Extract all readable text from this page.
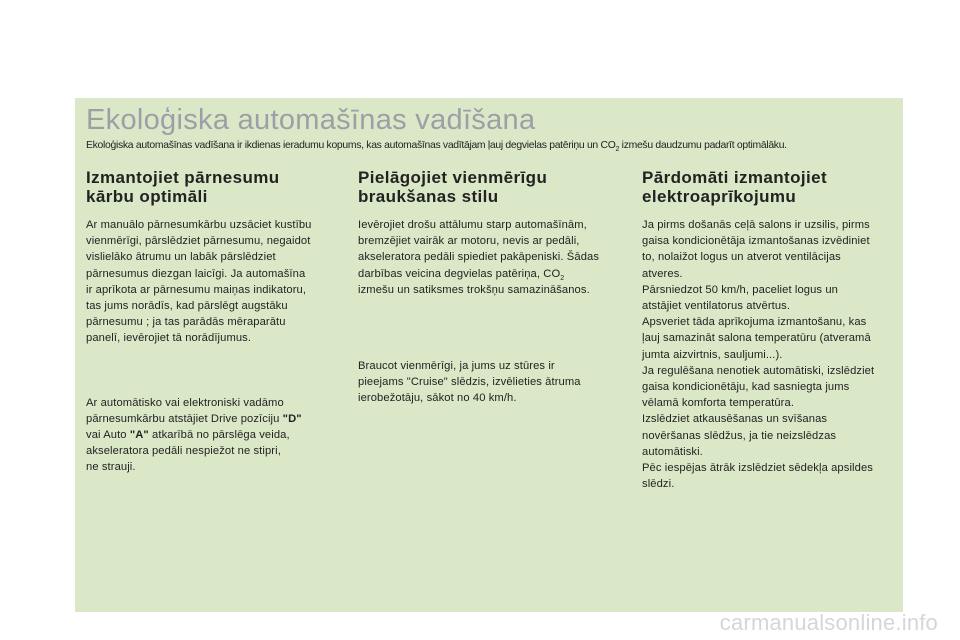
Ekoloģiska automašīnas vadīšana

Ekoloģiska automašīnas vadīšana ir ikdienas ieradumu kopums, kas automašīnas vadītājam ļauj degvielas patēriņu un $CO_2$ izmešu daudzumu padarīt optimālāku.

Izmantojiet pārnesumu
kārbu optimāli

Ar manuālo pārnesumkārbu uzsāciet kustību
vienmērīgi, pārslēdziet pārnesumu, negaidot
vislielāko ātrumu un labāk pārslēdziet
pārnesumus diezgan laicīgi. Ja automašīna
ir aprīkota ar pārnesumu maiņas indikatoru,
tas jums norādīs, kad pārslēgt augstāku
pārnesumu ; ja tas parādās mēraparātu
panelī, ievērojiet tā norādījumus.

Ar automātisko vai elektroniski vadāmo
pārnesumkārbu atstājiet Drive pozīciju "D"
vai Auto "A" atkarībā no pārslēga veida,
akseleratora pedāli nespiežot ne stipri,
ne strauji.

Pielāgojiet vienmērīgu
braukšanas stilu

Ievērojiet drošu attālumu starp automašīnām,
bremzējiet vairāk ar motoru, nevis ar pedāli,
akseleratora pedāli spiediet pakāpeniski. Šādas
darbības veicina degvielas patēriņa, $CO_2$
izmešu un satiksmes trokšņu samazināšanos.

Braucot vienmērīgi, ja jums uz stūres ir
pieejams "Cruise" slēdzis, izvēlieties ātruma
ierobežotāju, sākot no 40 km/h.

Pārdomāti izmantojiet
elektroaprīkojumu

Ja pirms došanās ceļā salons ir uzsilis, pirms
gaisa kondicionētāja izmantošanas izvēdiniet
to, nolaižot logus un atverot ventilācijas
atveres.
Pārsniedzot 50 km/h, paceliet logus un
atstājiet ventilatorus atvērtus.
Apsveriet tāda aprīkojuma izmantošanu, kas
ļauj samazināt salona temperatūru (atveramā
jumta aizvirtnis, sauljumi...).
Ja regulēšana nenotiek automātiski, izslēdziet
gaisa kondicionētāju, kad sasniegta jums
vēlamā komforta temperatūra.
Izslēdziet atkausēšanas un svīšanas
novēršanas slēdžus, ja tie neizslēdzas
automātiski.
Pēc iespējas ātrāk izslēdziet sēdekļa apsildes
slēdzi.

carmanualsonline.info
